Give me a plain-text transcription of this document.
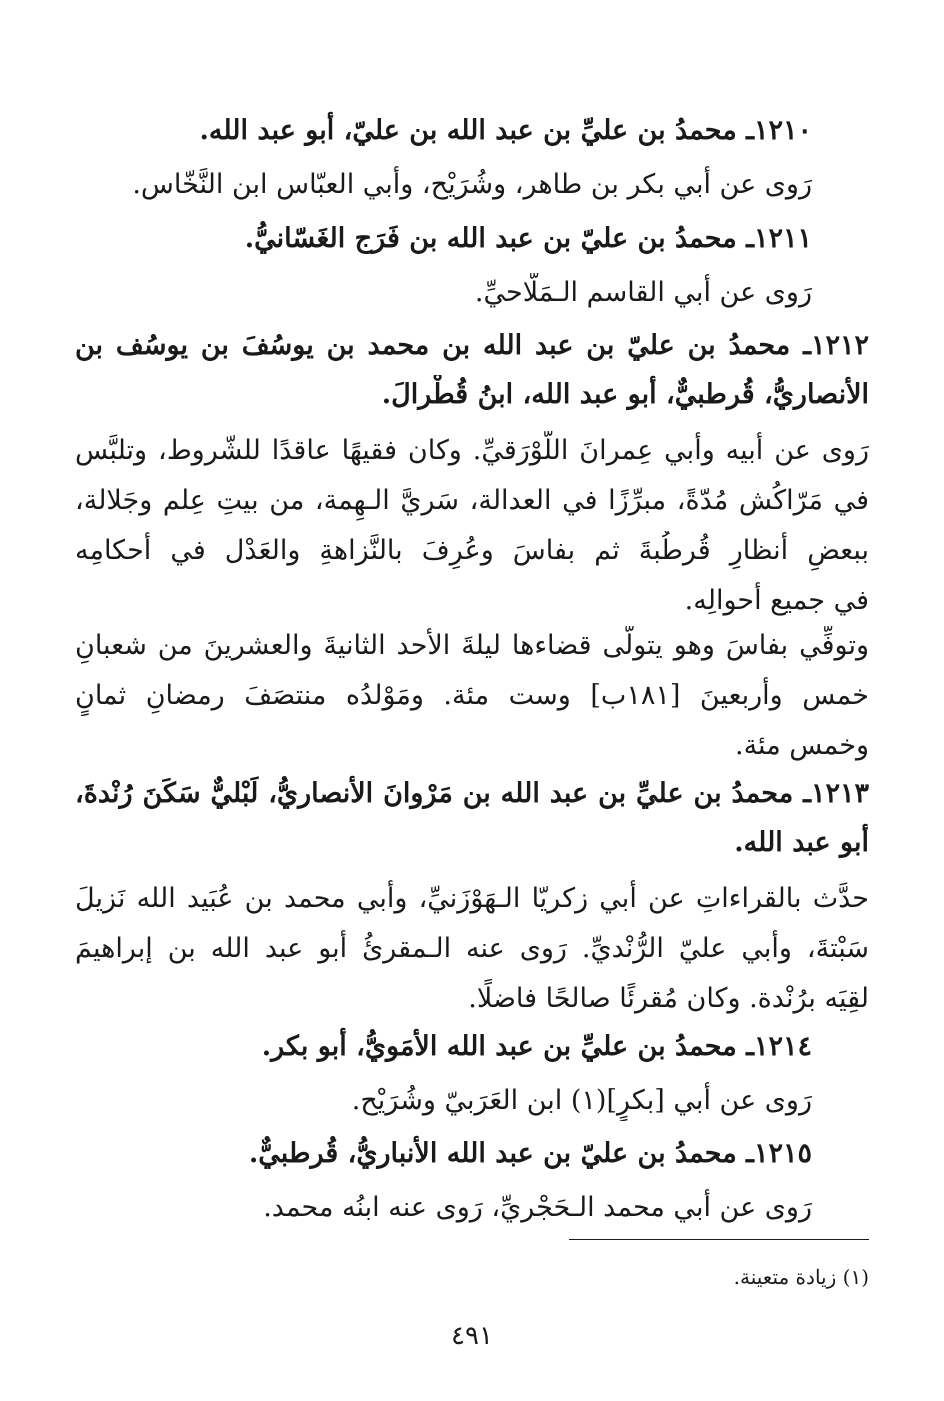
١٢١٠ـ محمدُ بن عليِّ بن عبد الله بن عليّ، أبو عبد الله.
رَوى عن أبي بكر بن طاهر، وشُرَيْح، وأبي العبّاس ابن النَّخّاس.
١٢١١ـ محمدُ بن عليّ بن عبد الله بن فَرَج الغَسّانيُّ.
رَوى عن أبي القاسم الـمَلّاحيِّ.
١٢١٢ـ محمدُ بن عليّ بن عبد الله بن محمد بن يوسُفَ بن يوسُف بن
الأنصاريُّ، قُرطبيٌّ، أبو عبد الله، ابنُ قُطْرالَ.
رَوى عن أبيه وأبي عِمرانَ اللَّوْرَقيِّ. وكان فقيهًا عاقدًا للشّروط، وتلبَّس
في مَرّاكُش مُدّةً، مبرِّزًا في العدالة، سَريَّ الـهِمة، من بيتِ عِلم وجَلالة،
ببعضِ أنظارِ قُرطُبةَ ثم بفاسَ وعُرِفَ بالنَّزاهةِ والعَدْل في أحكامِه
في جميع أحوالِه.
وتوفِّي بفاسَ وهو يتولَّى قضاءها ليلةَ الأحد الثانيةَ والعشرينَ من شعبانِ
خمس وأربعينَ [١٨١ب] وست مئة. ومَوْلدُه منتصَفَ رمضانِ ثمانٍ
وخمس مئة.
١٢١٣ـ محمدُ بن عليِّ بن عبد الله بن مَرْوانَ الأنصاريُّ، لَبْليٌّ سَكَنَ رُنْدةَ،
أبو عبد الله.
حدَّث بالقراءاتِ عن أبي زكريّا الـهَوْزَنيِّ، وأبي محمد بن عُبَيد الله نَزيلَ
سَبْتةَ، وأبي عليّ الرُّنْديِّ. رَوى عنه الـمقرئُ أبو عبد الله بن إبراهيمَ
لقِيَه برُنْدة. وكان مُقرئًا صالحًا فاضلًا.
١٢١٤ـ محمدُ بن عليِّ بن عبد الله الأمَويُّ، أبو بكر.
رَوى عن أبي [بكرٍ](١) ابن العَرَبيّ وشُرَيْح.
١٢١٥ـ محمدُ بن عليّ بن عبد الله الأنباريُّ، قُرطبيٌّ.
رَوى عن أبي محمد الـحَجْريِّ، رَوى عنه ابنُه محمد.
(١) زيادة متعينة.
٤٩١
